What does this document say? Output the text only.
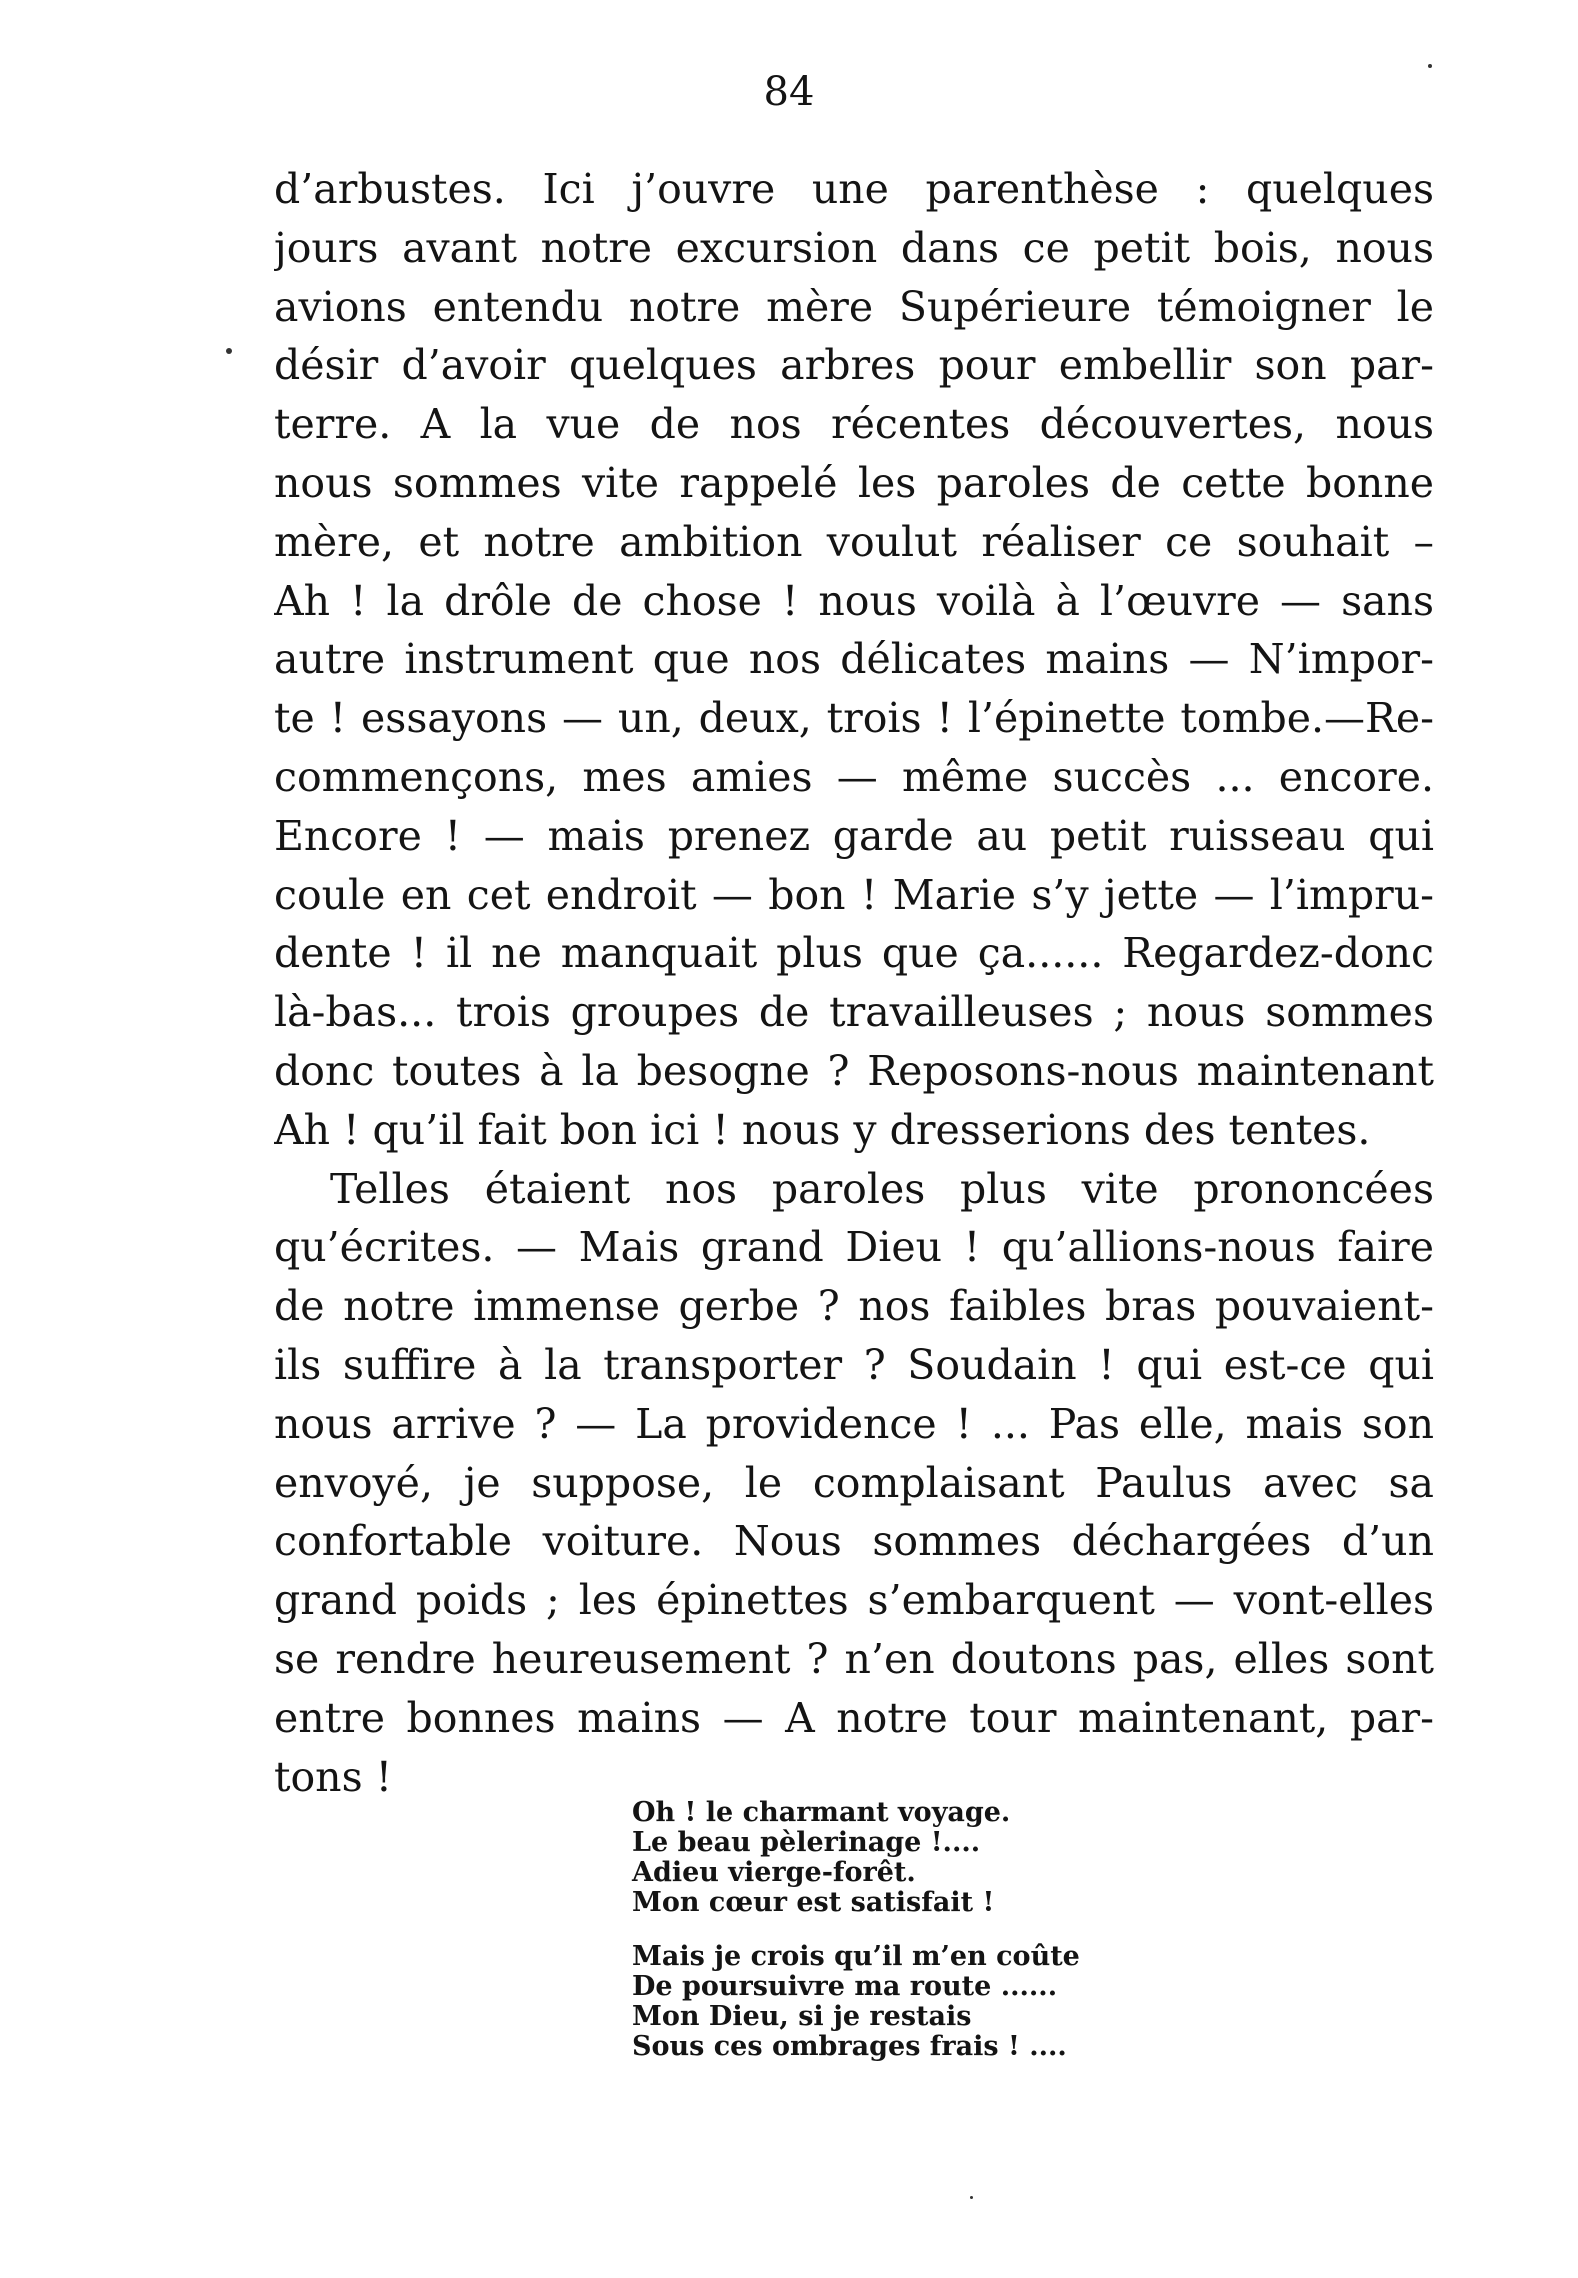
84
d’arbustes. Ici j’ouvre une parenthèse : quelques
jours avant notre excursion dans ce petit bois, nous
avions entendu notre mère Supérieure témoigner le
désir d’avoir quelques arbres pour embellir son par-
terre. A la vue de nos récentes découvertes, nous
nous sommes vite rappelé les paroles de cette bonne
mère, et notre ambition voulut réaliser ce souhait –
Ah ! la drôle de chose ! nous voilà à l’œuvre — sans
autre instrument que nos délicates mains — N’impor-
te ! essayons — un, deux, trois ! l’épinette tombe.—Re-
commençons, mes amies — même succès ... encore.
Encore ! — mais prenez garde au petit ruisseau qui
coule en cet endroit — bon ! Marie s’y jette — l’impru-
dente ! il ne manquait plus que ça...... Regardez-donc
là-bas... trois groupes de travailleuses ; nous sommes
donc toutes à la besogne ? Reposons-nous maintenant
Ah ! qu’il fait bon ici ! nous y dresserions des tentes.
Telles étaient nos paroles plus vite prononcées
qu’écrites. — Mais grand Dieu ! qu’allions-nous faire
de notre immense gerbe ? nos faibles bras pouvaient-
ils suffire à la transporter ? Soudain ! qui est-ce qui
nous arrive ? — La providence ! ... Pas elle, mais son
envoyé, je suppose, le complaisant Paulus avec sa
confortable voiture. Nous sommes déchargées d’un
grand poids ; les épinettes s’embarquent — vont-elles
se rendre heureusement ? n’en doutons pas, elles sont
entre bonnes mains — A notre tour maintenant, par-
tons !
Oh ! le charmant voyage.
Le beau pèlerinage !....
Adieu vierge-forêt.
Mon cœur est satisfait !
Mais je crois qu’il m’en coûte
De poursuivre ma route ......
Mon Dieu, si je restais
Sous ces ombrages frais ! ....
